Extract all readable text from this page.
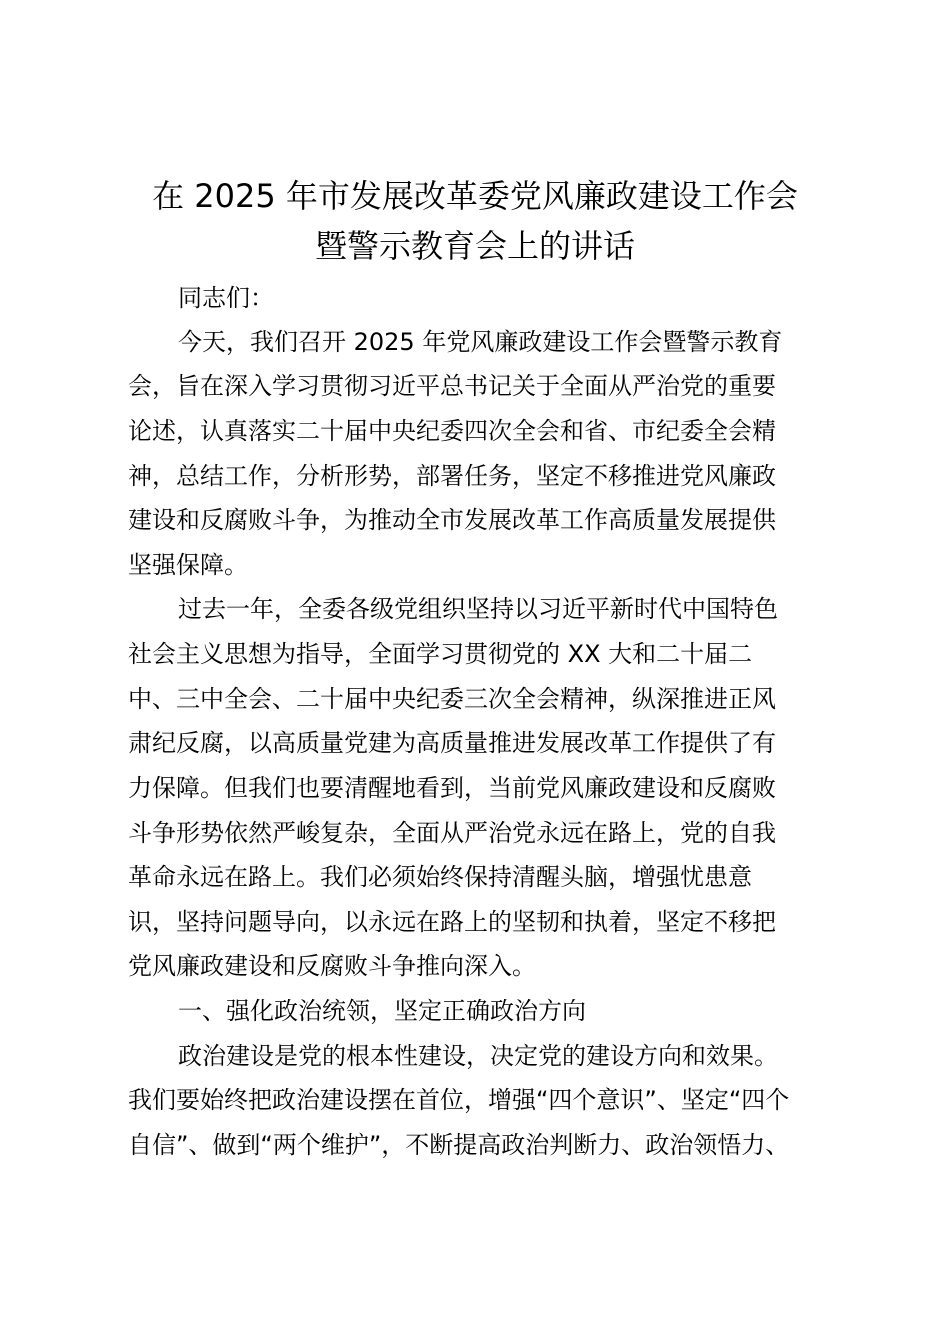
在 2025 年市发展改革委党风廉政建设工作会
暨警示教育会上的讲话

同志们：

今天，我们召开 2025 年党风廉政建设工作会暨警示教育

会，旨在深入学习贯彻习近平总书记关于全面从严治党的重要

论述，认真落实二十届中央纪委四次全会和省、市纪委全会精

神，总结工作，分析形势，部署任务，坚定不移推进党风廉政

建设和反腐败斗争，为推动全市发展改革工作高质量发展提供

坚强保障。

过去一年，全委各级党组织坚持以习近平新时代中国特色

社会主义思想为指导，全面学习贯彻党的 XX 大和二十届二

中、三中全会、二十届中央纪委三次全会精神，纵深推进正风

肃纪反腐，以高质量党建为高质量推进发展改革工作提供了有

力保障。但我们也要清醒地看到，当前党风廉政建设和反腐败

斗争形势依然严峻复杂，全面从严治党永远在路上，党的自我

革命永远在路上。我们必须始终保持清醒头脑，增强忧患意

识，坚持问题导向，以永远在路上的坚韧和执着，坚定不移把

党风廉政建设和反腐败斗争推向深入。

一、强化政治统领，坚定正确政治方向

政治建设是党的根本性建设，决定党的建设方向和效果。

我们要始终把政治建设摆在首位，增强“四个意识”、坚定“四个

自信”、做到“两个维护”，不断提高政治判断力、政治领悟力、
